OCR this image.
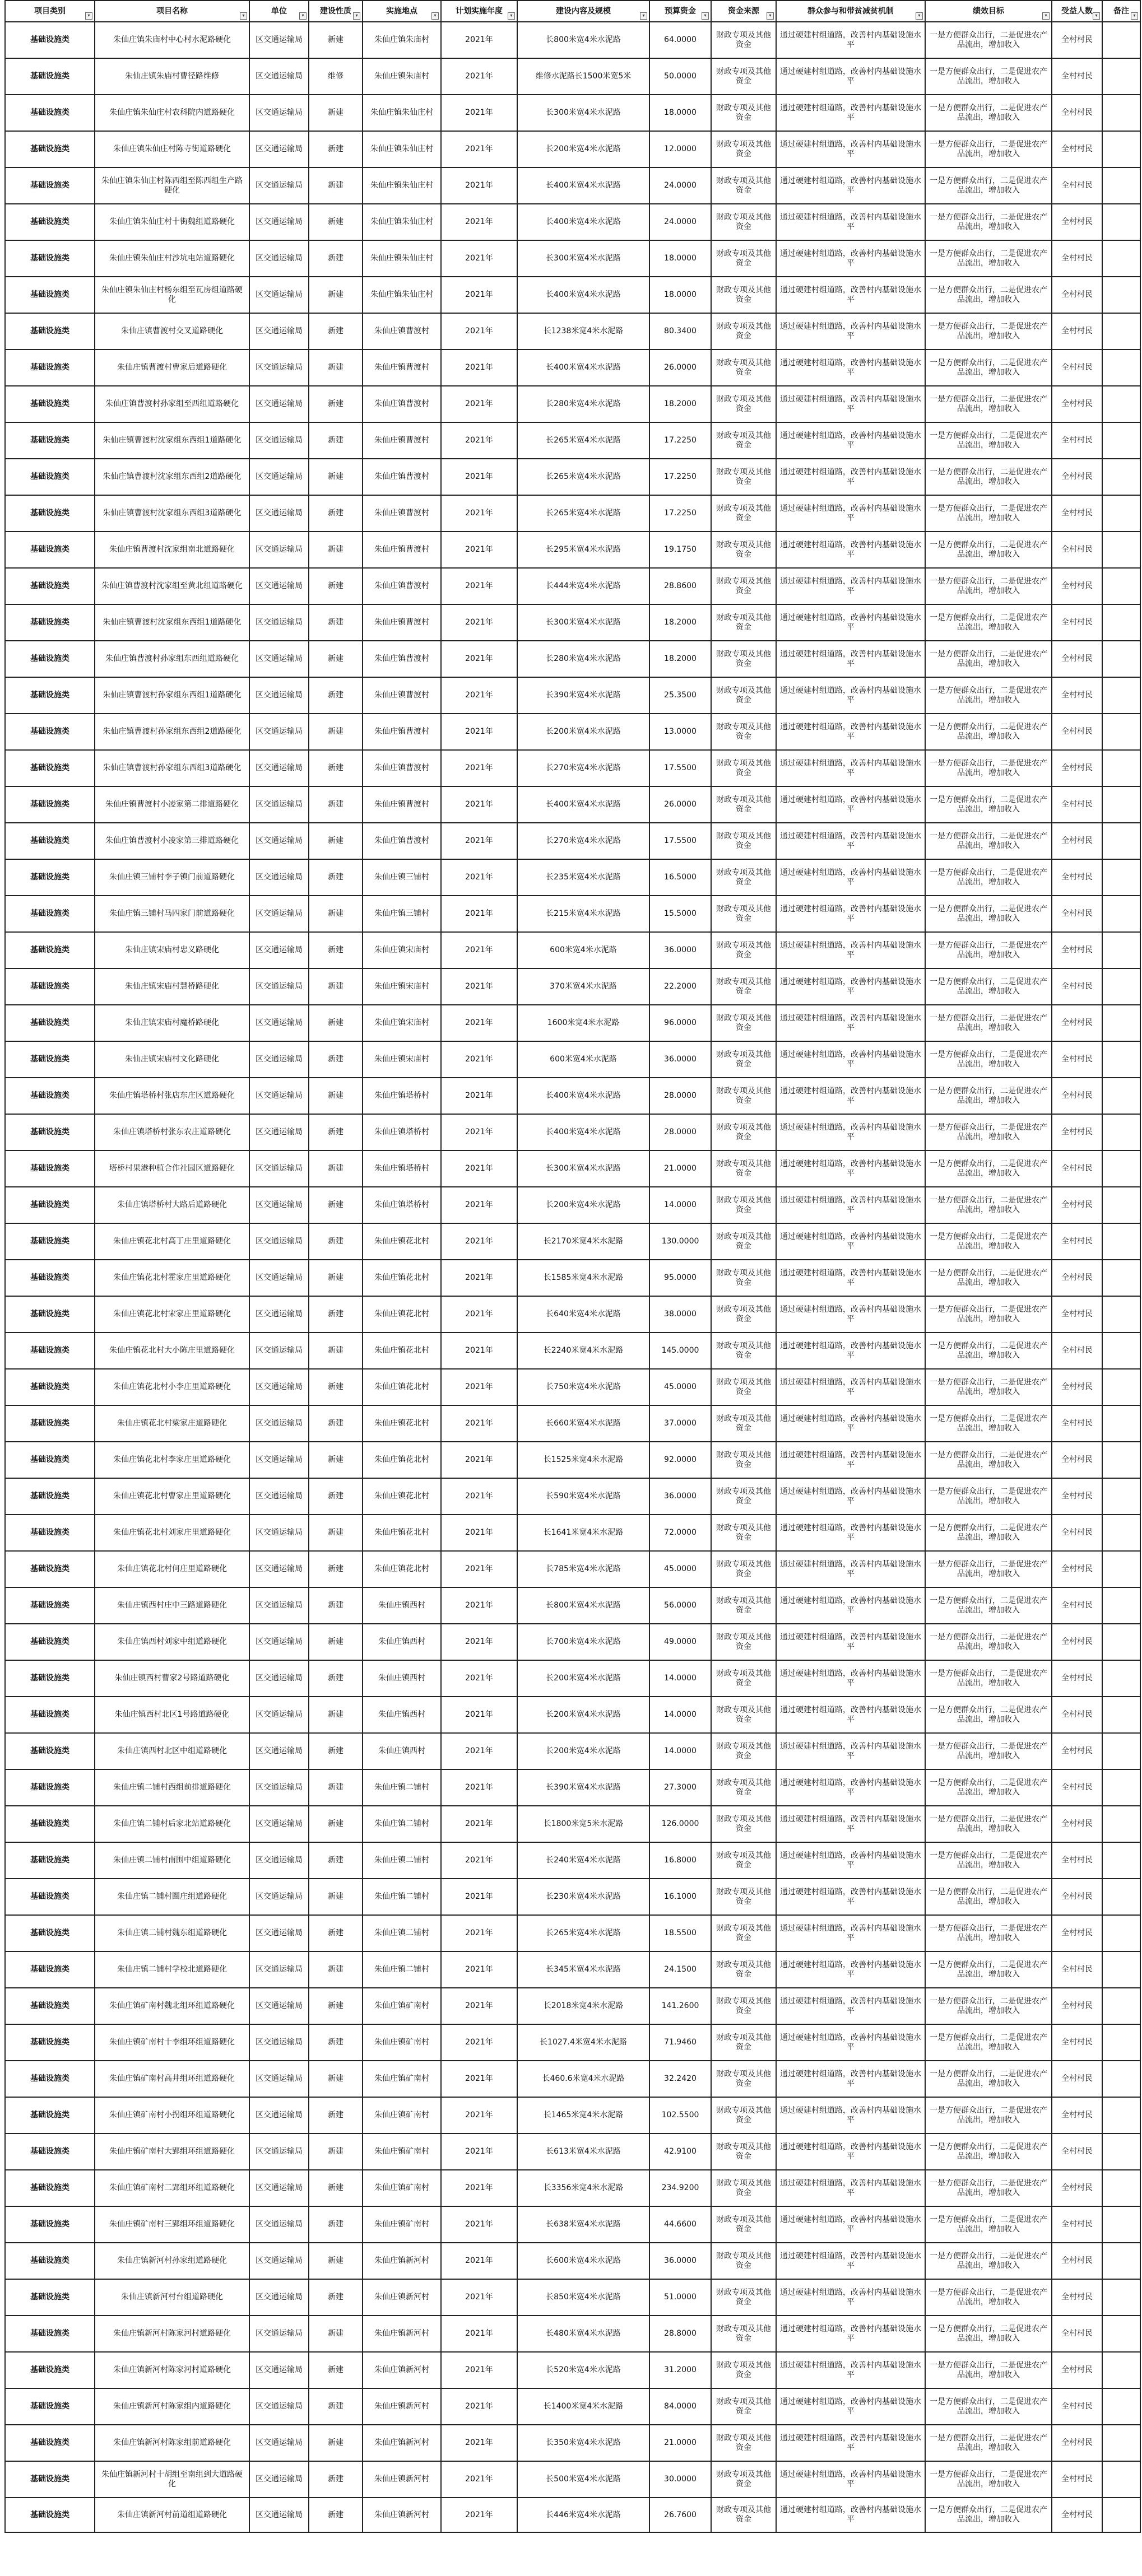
项目类别 ▾	项目名称 ▾	单位 ▾	建设性质 ▾	实施地点 ▾	计划实施年度 ▾	建设内容及规模 ▾	预算资金 ▾	资金来源 ▾	群众参与和带贫减贫机制 ▾	绩效目标 ▾	受益人数 ▾	备注 ▾

基础设施类	朱仙庄镇朱庙村中心村水泥路硬化	区交通运输局	新建	朱仙庄镇朱庙村	2021年	长800米宽4米水泥路	64.0000	财政专项及其他资金	通过硬建村组道路，改善村内基础设施水平	一是方便群众出行，二是促进农产品流出，增加收入	全村村民	
基础设施类	朱仙庄镇朱庙村曹径路维修	区交通运输局	维修	朱仙庄镇朱庙村	2021年	维修水泥路长1500米宽5米	50.0000	财政专项及其他资金	通过硬建村组道路，改善村内基础设施水平	一是方便群众出行，二是促进农产品流出，增加收入	全村村民	
基础设施类	朱仙庄镇朱仙庄村农科院内道路硬化	区交通运输局	新建	朱仙庄镇朱仙庄村	2021年	长300米宽4米水泥路	18.0000	财政专项及其他资金	通过硬建村组道路，改善村内基础设施水平	一是方便群众出行，二是促进农产品流出，增加收入	全村村民	
基础设施类	朱仙庄镇朱仙庄村陈寺街道路硬化	区交通运输局	新建	朱仙庄镇朱仙庄村	2021年	长200米宽4米水泥路	12.0000	财政专项及其他资金	通过硬建村组道路，改善村内基础设施水平	一是方便群众出行，二是促进农产品流出，增加收入	全村村民	
基础设施类	朱仙庄镇朱仙庄村陈西组至陈西组生产路硬化	区交通运输局	新建	朱仙庄镇朱仙庄村	2021年	长400米宽4米水泥路	24.0000	财政专项及其他资金	通过硬建村组道路，改善村内基础设施水平	一是方便群众出行，二是促进农产品流出，增加收入	全村村民	
基础设施类	朱仙庄镇朱仙庄村十街魏组道路硬化	区交通运输局	新建	朱仙庄镇朱仙庄村	2021年	长400米宽4米水泥路	24.0000	财政专项及其他资金	通过硬建村组道路，改善村内基础设施水平	一是方便群众出行，二是促进农产品流出，增加收入	全村村民	
基础设施类	朱仙庄镇朱仙庄村沙坑电站道路硬化	区交通运输局	新建	朱仙庄镇朱仙庄村	2021年	长300米宽4米水泥路	18.0000	财政专项及其他资金	通过硬建村组道路，改善村内基础设施水平	一是方便群众出行，二是促进农产品流出，增加收入	全村村民	
基础设施类	朱仙庄镇朱仙庄村杨东组至瓦房组道路硬化	区交通运输局	新建	朱仙庄镇朱仙庄村	2021年	长400米宽4米水泥路	18.0000	财政专项及其他资金	通过硬建村组道路，改善村内基础设施水平	一是方便群众出行，二是促进农产品流出，增加收入	全村村民	
基础设施类	朱仙庄镇曹渡村交叉道路硬化	区交通运输局	新建	朱仙庄镇曹渡村	2021年	长1238米宽4米水泥路	80.3400	财政专项及其他资金	通过硬建村组道路，改善村内基础设施水平	一是方便群众出行，二是促进农产品流出，增加收入	全村村民	
基础设施类	朱仙庄镇曹渡村曹家后道路硬化	区交通运输局	新建	朱仙庄镇曹渡村	2021年	长400米宽4米水泥路	26.0000	财政专项及其他资金	通过硬建村组道路，改善村内基础设施水平	一是方便群众出行，二是促进农产品流出，增加收入	全村村民	
基础设施类	朱仙庄镇曹渡村孙家组至西组道路硬化	区交通运输局	新建	朱仙庄镇曹渡村	2021年	长280米宽4米水泥路	18.2000	财政专项及其他资金	通过硬建村组道路，改善村内基础设施水平	一是方便群众出行，二是促进农产品流出，增加收入	全村村民	
基础设施类	朱仙庄镇曹渡村沈家组东西组1道路硬化	区交通运输局	新建	朱仙庄镇曹渡村	2021年	长265米宽4米水泥路	17.2250	财政专项及其他资金	通过硬建村组道路，改善村内基础设施水平	一是方便群众出行，二是促进农产品流出，增加收入	全村村民	
基础设施类	朱仙庄镇曹渡村沈家组东西组2道路硬化	区交通运输局	新建	朱仙庄镇曹渡村	2021年	长265米宽4米水泥路	17.2250	财政专项及其他资金	通过硬建村组道路，改善村内基础设施水平	一是方便群众出行，二是促进农产品流出，增加收入	全村村民	
基础设施类	朱仙庄镇曹渡村沈家组东西组3道路硬化	区交通运输局	新建	朱仙庄镇曹渡村	2021年	长265米宽4米水泥路	17.2250	财政专项及其他资金	通过硬建村组道路，改善村内基础设施水平	一是方便群众出行，二是促进农产品流出，增加收入	全村村民	
基础设施类	朱仙庄镇曹渡村沈家组南北道路硬化	区交通运输局	新建	朱仙庄镇曹渡村	2021年	长295米宽4米水泥路	19.1750	财政专项及其他资金	通过硬建村组道路，改善村内基础设施水平	一是方便群众出行，二是促进农产品流出，增加收入	全村村民	
基础设施类	朱仙庄镇曹渡村沈家组至黄北组道路硬化	区交通运输局	新建	朱仙庄镇曹渡村	2021年	长444米宽4米水泥路	28.8600	财政专项及其他资金	通过硬建村组道路，改善村内基础设施水平	一是方便群众出行，二是促进农产品流出，增加收入	全村村民	
基础设施类	朱仙庄镇曹渡村沈家组东西组1道路硬化	区交通运输局	新建	朱仙庄镇曹渡村	2021年	长300米宽4米水泥路	18.2000	财政专项及其他资金	通过硬建村组道路，改善村内基础设施水平	一是方便群众出行，二是促进农产品流出，增加收入	全村村民	
基础设施类	朱仙庄镇曹渡村孙家组东西组道路硬化	区交通运输局	新建	朱仙庄镇曹渡村	2021年	长280米宽4米水泥路	18.2000	财政专项及其他资金	通过硬建村组道路，改善村内基础设施水平	一是方便群众出行，二是促进农产品流出，增加收入	全村村民	
基础设施类	朱仙庄镇曹渡村孙家组东西组1道路硬化	区交通运输局	新建	朱仙庄镇曹渡村	2021年	长390米宽4米水泥路	25.3500	财政专项及其他资金	通过硬建村组道路，改善村内基础设施水平	一是方便群众出行，二是促进农产品流出，增加收入	全村村民	
基础设施类	朱仙庄镇曹渡村孙家组东西组2道路硬化	区交通运输局	新建	朱仙庄镇曹渡村	2021年	长200米宽4米水泥路	13.0000	财政专项及其他资金	通过硬建村组道路，改善村内基础设施水平	一是方便群众出行，二是促进农产品流出，增加收入	全村村民	
基础设施类	朱仙庄镇曹渡村孙家组东西组3道路硬化	区交通运输局	新建	朱仙庄镇曹渡村	2021年	长270米宽4米水泥路	17.5500	财政专项及其他资金	通过硬建村组道路，改善村内基础设施水平	一是方便群众出行，二是促进农产品流出，增加收入	全村村民	
基础设施类	朱仙庄镇曹渡村小凌家第二排道路硬化	区交通运输局	新建	朱仙庄镇曹渡村	2021年	长400米宽4米水泥路	26.0000	财政专项及其他资金	通过硬建村组道路，改善村内基础设施水平	一是方便群众出行，二是促进农产品流出，增加收入	全村村民	
基础设施类	朱仙庄镇曹渡村小凌家第三排道路硬化	区交通运输局	新建	朱仙庄镇曹渡村	2021年	长270米宽4米水泥路	17.5500	财政专项及其他资金	通过硬建村组道路，改善村内基础设施水平	一是方便群众出行，二是促进农产品流出，增加收入	全村村民	
基础设施类	朱仙庄镇三铺村李子镇门前道路硬化	区交通运输局	新建	朱仙庄镇三铺村	2021年	长235米宽4米水泥路	16.5000	财政专项及其他资金	通过硬建村组道路，改善村内基础设施水平	一是方便群众出行，二是促进农产品流出，增加收入	全村村民	
基础设施类	朱仙庄镇三铺村马四家门前道路硬化	区交通运输局	新建	朱仙庄镇三铺村	2021年	长215米宽4米水泥路	15.5000	财政专项及其他资金	通过硬建村组道路，改善村内基础设施水平	一是方便群众出行，二是促进农产品流出，增加收入	全村村民	
基础设施类	朱仙庄镇宋庙村忠义路硬化	区交通运输局	新建	朱仙庄镇宋庙村	2021年	600米宽4米水泥路	36.0000	财政专项及其他资金	通过硬建村组道路，改善村内基础设施水平	一是方便群众出行，二是促进农产品流出，增加收入	全村村民	
基础设施类	朱仙庄镇宋庙村慧桥路硬化	区交通运输局	新建	朱仙庄镇宋庙村	2021年	370米宽4米水泥路	22.2000	财政专项及其他资金	通过硬建村组道路，改善村内基础设施水平	一是方便群众出行，二是促进农产品流出，增加收入	全村村民	
基础设施类	朱仙庄镇宋庙村魔桥路硬化	区交通运输局	新建	朱仙庄镇宋庙村	2021年	1600米宽4米水泥路	96.0000	财政专项及其他资金	通过硬建村组道路，改善村内基础设施水平	一是方便群众出行，二是促进农产品流出，增加收入	全村村民	
基础设施类	朱仙庄镇宋庙村文化路硬化	区交通运输局	新建	朱仙庄镇宋庙村	2021年	600米宽4米水泥路	36.0000	财政专项及其他资金	通过硬建村组道路，改善村内基础设施水平	一是方便群众出行，二是促进农产品流出，增加收入	全村村民	
基础设施类	朱仙庄镇塔桥村张店东庄区道路硬化	区交通运输局	新建	朱仙庄镇塔桥村	2021年	长400米宽4米水泥路	28.0000	财政专项及其他资金	通过硬建村组道路，改善村内基础设施水平	一是方便群众出行，二是促进农产品流出，增加收入	全村村民	
基础设施类	朱仙庄镇塔桥村张东农庄道路硬化	区交通运输局	新建	朱仙庄镇塔桥村	2021年	长400米宽4米水泥路	28.0000	财政专项及其他资金	通过硬建村组道路，改善村内基础设施水平	一是方便群众出行，二是促进农产品流出，增加收入	全村村民	
基础设施类	塔桥村果港种植合作社园区道路硬化	区交通运输局	新建	朱仙庄镇塔桥村	2021年	长300米宽4米水泥路	21.0000	财政专项及其他资金	通过硬建村组道路，改善村内基础设施水平	一是方便群众出行，二是促进农产品流出，增加收入	全村村民	
基础设施类	朱仙庄镇塔桥村大路后道路硬化	区交通运输局	新建	朱仙庄镇塔桥村	2021年	长200米宽4米水泥路	14.0000	财政专项及其他资金	通过硬建村组道路，改善村内基础设施水平	一是方便群众出行，二是促进农产品流出，增加收入	全村村民	
基础设施类	朱仙庄镇花北村高丁庄里道路硬化	区交通运输局	新建	朱仙庄镇花北村	2021年	长2170米宽4米水泥路	130.0000	财政专项及其他资金	通过硬建村组道路，改善村内基础设施水平	一是方便群众出行，二是促进农产品流出，增加收入	全村村民	
基础设施类	朱仙庄镇花北村霍家庄里道路硬化	区交通运输局	新建	朱仙庄镇花北村	2021年	长1585米宽4米水泥路	95.0000	财政专项及其他资金	通过硬建村组道路，改善村内基础设施水平	一是方便群众出行，二是促进农产品流出，增加收入	全村村民	
基础设施类	朱仙庄镇花北村宋家庄里道路硬化	区交通运输局	新建	朱仙庄镇花北村	2021年	长640米宽4米水泥路	38.0000	财政专项及其他资金	通过硬建村组道路，改善村内基础设施水平	一是方便群众出行，二是促进农产品流出，增加收入	全村村民	
基础设施类	朱仙庄镇花北村大小陈庄里道路硬化	区交通运输局	新建	朱仙庄镇花北村	2021年	长2240米宽4米水泥路	145.0000	财政专项及其他资金	通过硬建村组道路，改善村内基础设施水平	一是方便群众出行，二是促进农产品流出，增加收入	全村村民	
基础设施类	朱仙庄镇花北村小李庄里道路硬化	区交通运输局	新建	朱仙庄镇花北村	2021年	长750米宽4米水泥路	45.0000	财政专项及其他资金	通过硬建村组道路，改善村内基础设施水平	一是方便群众出行，二是促进农产品流出，增加收入	全村村民	
基础设施类	朱仙庄镇花北村梁家庄道路硬化	区交通运输局	新建	朱仙庄镇花北村	2021年	长660米宽4米水泥路	37.0000	财政专项及其他资金	通过硬建村组道路，改善村内基础设施水平	一是方便群众出行，二是促进农产品流出，增加收入	全村村民	
基础设施类	朱仙庄镇花北村李家庄里道路硬化	区交通运输局	新建	朱仙庄镇花北村	2021年	长1525米宽4米水泥路	92.0000	财政专项及其他资金	通过硬建村组道路，改善村内基础设施水平	一是方便群众出行，二是促进农产品流出，增加收入	全村村民	
基础设施类	朱仙庄镇花北村曹家庄里道路硬化	区交通运输局	新建	朱仙庄镇花北村	2021年	长590米宽4米水泥路	36.0000	财政专项及其他资金	通过硬建村组道路，改善村内基础设施水平	一是方便群众出行，二是促进农产品流出，增加收入	全村村民	
基础设施类	朱仙庄镇花北村刘家庄里道路硬化	区交通运输局	新建	朱仙庄镇花北村	2021年	长1641米宽4米水泥路	72.0000	财政专项及其他资金	通过硬建村组道路，改善村内基础设施水平	一是方便群众出行，二是促进农产品流出，增加收入	全村村民	
基础设施类	朱仙庄镇花北村何庄里道路硬化	区交通运输局	新建	朱仙庄镇花北村	2021年	长785米宽4米水泥路	45.0000	财政专项及其他资金	通过硬建村组道路，改善村内基础设施水平	一是方便群众出行，二是促进农产品流出，增加收入	全村村民	
基础设施类	朱仙庄镇西村庄中三路道路硬化	区交通运输局	新建	朱仙庄镇西村	2021年	长800米宽4米水泥路	56.0000	财政专项及其他资金	通过硬建村组道路，改善村内基础设施水平	一是方便群众出行，二是促进农产品流出，增加收入	全村村民	
基础设施类	朱仙庄镇西村刘家中组道路硬化	区交通运输局	新建	朱仙庄镇西村	2021年	长700米宽4米水泥路	49.0000	财政专项及其他资金	通过硬建村组道路，改善村内基础设施水平	一是方便群众出行，二是促进农产品流出，增加收入	全村村民	
基础设施类	朱仙庄镇西村曹家2号路道路硬化	区交通运输局	新建	朱仙庄镇西村	2021年	长200米宽4米水泥路	14.0000	财政专项及其他资金	通过硬建村组道路，改善村内基础设施水平	一是方便群众出行，二是促进农产品流出，增加收入	全村村民	
基础设施类	朱仙庄镇西村北区1号路道路硬化	区交通运输局	新建	朱仙庄镇西村	2021年	长200米宽4米水泥路	14.0000	财政专项及其他资金	通过硬建村组道路，改善村内基础设施水平	一是方便群众出行，二是促进农产品流出，增加收入	全村村民	
基础设施类	朱仙庄镇西村北区中组道路硬化	区交通运输局	新建	朱仙庄镇西村	2021年	长200米宽4米水泥路	14.0000	财政专项及其他资金	通过硬建村组道路，改善村内基础设施水平	一是方便群众出行，二是促进农产品流出，增加收入	全村村民	
基础设施类	朱仙庄镇二铺村西组前排道路硬化	区交通运输局	新建	朱仙庄镇二铺村	2021年	长390米宽4米水泥路	27.3000	财政专项及其他资金	通过硬建村组道路，改善村内基础设施水平	一是方便群众出行，二是促进农产品流出，增加收入	全村村民	
基础设施类	朱仙庄镇二铺村后家北站道路硬化	区交通运输局	新建	朱仙庄镇二铺村	2021年	长1800米宽5米水泥路	126.0000	财政专项及其他资金	通过硬建村组道路，改善村内基础设施水平	一是方便群众出行，二是促进农产品流出，增加收入	全村村民	
基础设施类	朱仙庄镇二铺村南围中组道路硬化	区交通运输局	新建	朱仙庄镇二铺村	2021年	长240米宽4米水泥路	16.8000	财政专项及其他资金	通过硬建村组道路，改善村内基础设施水平	一是方便群众出行，二是促进农产品流出，增加收入	全村村民	
基础设施类	朱仙庄镇二铺村圈庄组道路硬化	区交通运输局	新建	朱仙庄镇二铺村	2021年	长230米宽4米水泥路	16.1000	财政专项及其他资金	通过硬建村组道路，改善村内基础设施水平	一是方便群众出行，二是促进农产品流出，增加收入	全村村民	
基础设施类	朱仙庄镇二铺村魏东组道路硬化	区交通运输局	新建	朱仙庄镇二铺村	2021年	长265米宽4米水泥路	18.5500	财政专项及其他资金	通过硬建村组道路，改善村内基础设施水平	一是方便群众出行，二是促进农产品流出，增加收入	全村村民	
基础设施类	朱仙庄镇二铺村学校北道路硬化	区交通运输局	新建	朱仙庄镇二铺村	2021年	长345米宽4米水泥路	24.1500	财政专项及其他资金	通过硬建村组道路，改善村内基础设施水平	一是方便群众出行，二是促进农产品流出，增加收入	全村村民	
基础设施类	朱仙庄镇矿南村魏北组环组道路硬化	区交通运输局	新建	朱仙庄镇矿南村	2021年	长2018米宽4米水泥路	141.2600	财政专项及其他资金	通过硬建村组道路，改善村内基础设施水平	一是方便群众出行，二是促进农产品流出，增加收入	全村村民	
基础设施类	朱仙庄镇矿南村十李组环组道路硬化	区交通运输局	新建	朱仙庄镇矿南村	2021年	长1027.4米宽4米水泥路	71.9460	财政专项及其他资金	通过硬建村组道路，改善村内基础设施水平	一是方便群众出行，二是促进农产品流出，增加收入	全村村民	
基础设施类	朱仙庄镇矿南村高井组环组道路硬化	区交通运输局	新建	朱仙庄镇矿南村	2021年	长460.6米宽4米水泥路	32.2420	财政专项及其他资金	通过硬建村组道路，改善村内基础设施水平	一是方便群众出行，二是促进农产品流出，增加收入	全村村民	
基础设施类	朱仙庄镇矿南村小拐组环组道路硬化	区交通运输局	新建	朱仙庄镇矿南村	2021年	长1465米宽4米水泥路	102.5500	财政专项及其他资金	通过硬建村组道路，改善村内基础设施水平	一是方便群众出行，二是促进农产品流出，增加收入	全村村民	
基础设施类	朱仙庄镇矿南村大郢组环组道路硬化	区交通运输局	新建	朱仙庄镇矿南村	2021年	长613米宽4米水泥路	42.9100	财政专项及其他资金	通过硬建村组道路，改善村内基础设施水平	一是方便群众出行，二是促进农产品流出，增加收入	全村村民	
基础设施类	朱仙庄镇矿南村二郢组环组道路硬化	区交通运输局	新建	朱仙庄镇矿南村	2021年	长3356米宽4米水泥路	234.9200	财政专项及其他资金	通过硬建村组道路，改善村内基础设施水平	一是方便群众出行，二是促进农产品流出，增加收入	全村村民	
基础设施类	朱仙庄镇矿南村三郢组环组道路硬化	区交通运输局	新建	朱仙庄镇矿南村	2021年	长638米宽4米水泥路	44.6600	财政专项及其他资金	通过硬建村组道路，改善村内基础设施水平	一是方便群众出行，二是促进农产品流出，增加收入	全村村民	
基础设施类	朱仙庄镇新河村孙家组道路硬化	区交通运输局	新建	朱仙庄镇新河村	2021年	长600米宽4米水泥路	36.0000	财政专项及其他资金	通过硬建村组道路，改善村内基础设施水平	一是方便群众出行，二是促进农产品流出，增加收入	全村村民	
基础设施类	朱仙庄镇新河村台组道路硬化	区交通运输局	新建	朱仙庄镇新河村	2021年	长850米宽4米水泥路	51.0000	财政专项及其他资金	通过硬建村组道路，改善村内基础设施水平	一是方便群众出行，二是促进农产品流出，增加收入	全村村民	
基础设施类	朱仙庄镇新河村陈家河村道路硬化	区交通运输局	新建	朱仙庄镇新河村	2021年	长480米宽4米水泥路	28.8000	财政专项及其他资金	通过硬建村组道路，改善村内基础设施水平	一是方便群众出行，二是促进农产品流出，增加收入	全村村民	
基础设施类	朱仙庄镇新河村陈家河村道路硬化	区交通运输局	新建	朱仙庄镇新河村	2021年	长520米宽4米水泥路	31.2000	财政专项及其他资金	通过硬建村组道路，改善村内基础设施水平	一是方便群众出行，二是促进农产品流出，增加收入	全村村民	
基础设施类	朱仙庄镇新河村陈家组内道路硬化	区交通运输局	新建	朱仙庄镇新河村	2021年	长1400米宽4米水泥路	84.0000	财政专项及其他资金	通过硬建村组道路，改善村内基础设施水平	一是方便群众出行，二是促进农产品流出，增加收入	全村村民	
基础设施类	朱仙庄镇新河村陈家组前道路硬化	区交通运输局	新建	朱仙庄镇新河村	2021年	长350米宽4米水泥路	21.0000	财政专项及其他资金	通过硬建村组道路，改善村内基础设施水平	一是方便群众出行，二是促进农产品流出，增加收入	全村村民	
基础设施类	朱仙庄镇新河村十胡组至南组到大道路硬化	区交通运输局	新建	朱仙庄镇新河村	2021年	长500米宽4米水泥路	30.0000	财政专项及其他资金	通过硬建村组道路，改善村内基础设施水平	一是方便群众出行，二是促进农产品流出，增加收入	全村村民	
基础设施类	朱仙庄镇新河村前道组道路硬化	区交通运输局	新建	朱仙庄镇新河村	2021年	长446米宽4米水泥路	26.7600	财政专项及其他资金	通过硬建村组道路，改善村内基础设施水平	一是方便群众出行，二是促进农产品流出，增加收入	全村村民	
